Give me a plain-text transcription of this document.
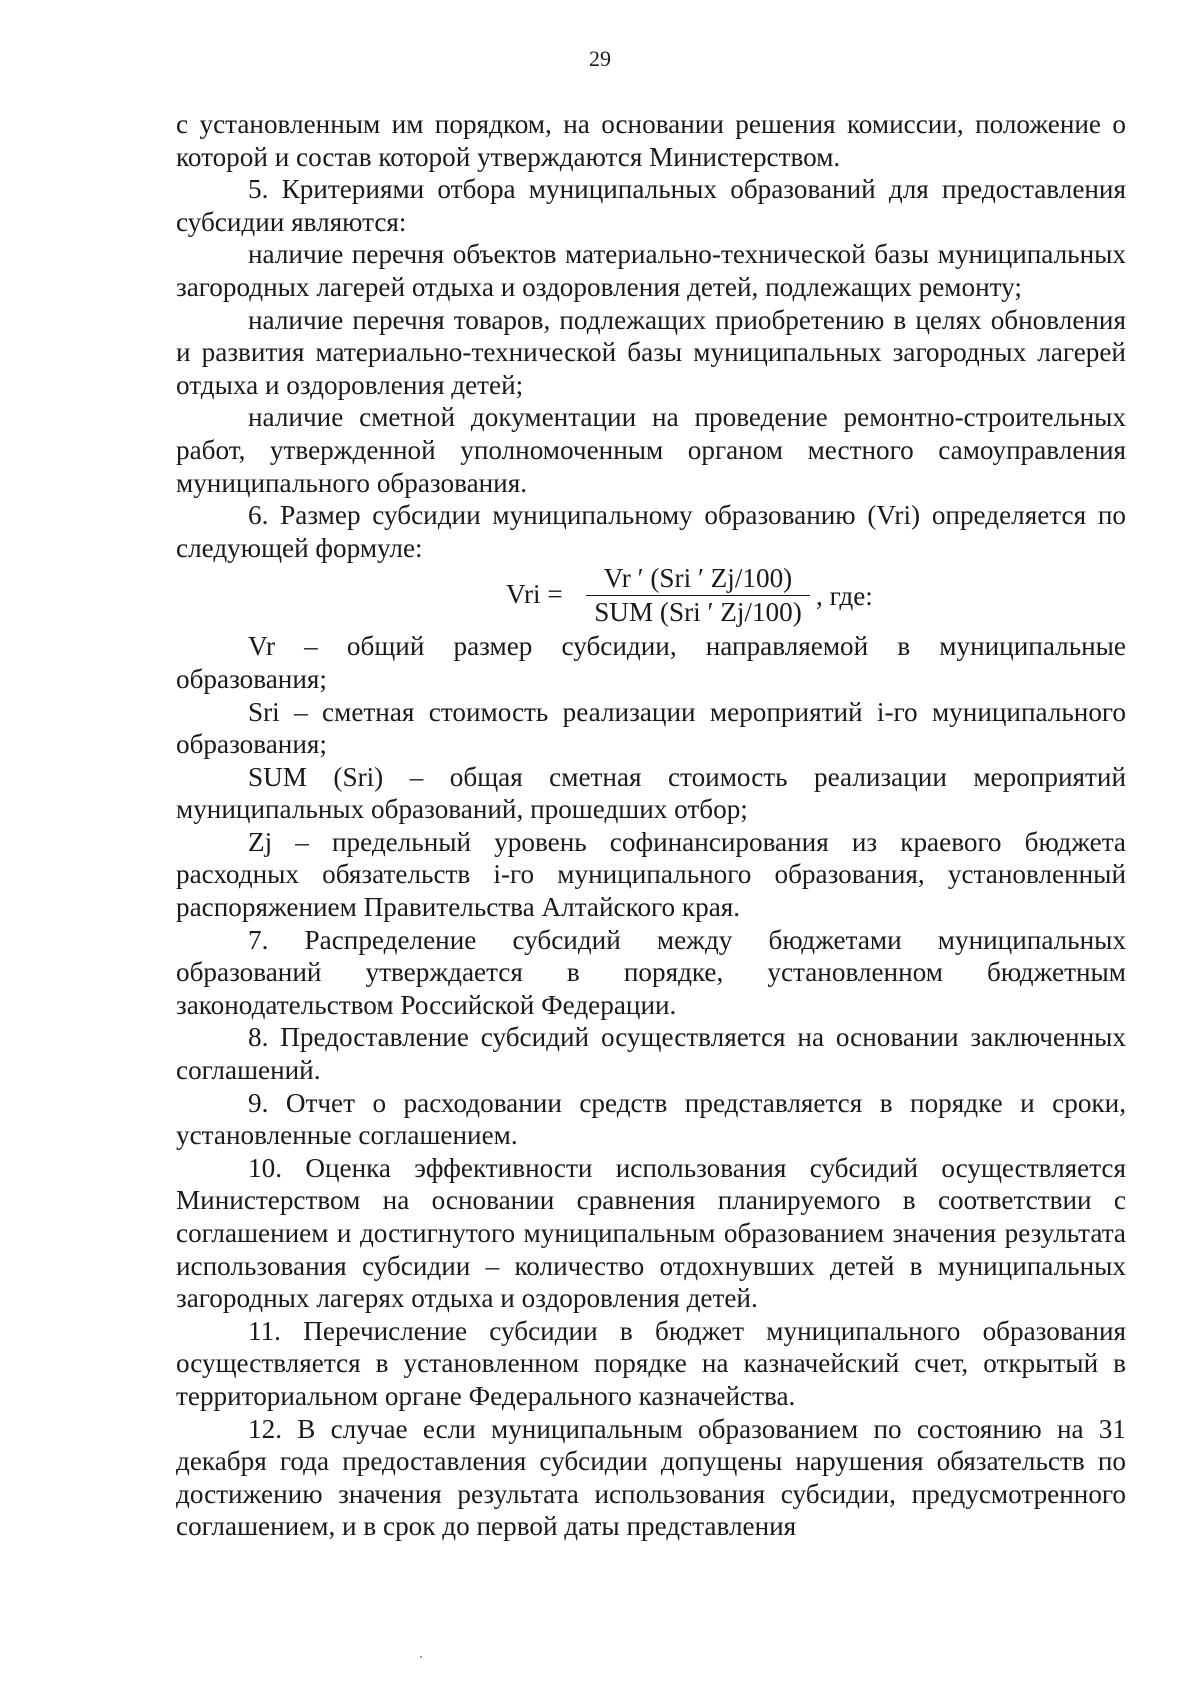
29

с установленным им порядком, на основании решения комиссии, положение о которой и состав которой утверждаются Министерством.

5. Критериями отбора муниципальных образований для предоставления субсидии являются:

наличие перечня объектов материально-технической базы муниципальных загородных лагерей отдыха и оздоровления детей, подлежащих ремонту;

наличие перечня товаров, подлежащих приобретению в целях обновления и развития материально-технической базы муниципальных загородных лагерей отдыха и оздоровления детей;

наличие сметной документации на проведение ремонтно-строительных работ, утвержденной уполномоченным органом местного самоуправления муниципального образования.

6. Размер субсидии муниципальному образованию (Vri) определяется по следующей формуле:

Vri =
Vr ′ (Sri ′ Zj/100)
SUM (Sri ′ Zj/100)
, где:

Vr – общий размер субсидии, направляемой в муниципальные образования;

Sri – сметная стоимость реализации мероприятий i-го муниципального образования;

SUM (Sri) – общая сметная стоимость реализации мероприятий муниципальных образований, прошедших отбор;

Zj – предельный уровень софинансирования из краевого бюджета расходных обязательств i-го муниципального образования, установленный распоряжением Правительства Алтайского края.

7. Распределение субсидий между бюджетами муниципальных образований утверждается в порядке, установленном бюджетным законодательством Российской Федерации.

8. Предоставление субсидий осуществляется на основании заключенных соглашений.

9. Отчет о расходовании средств представляется в порядке и сроки, установленные соглашением.

10. Оценка эффективности использования субсидий осуществляется Министерством на основании сравнения планируемого в соответствии с соглашением и достигнутого муниципальным образованием значения результата использования субсидии – количество отдохнувших детей в муниципальных загородных лагерях отдыха и оздоровления детей.

11. Перечисление субсидии в бюджет муниципального образования осуществляется в установленном порядке на казначейский счет, открытый в территориальном органе Федерального казначейства.

12. В случае если муниципальным образованием по состоянию на 31 декабря года предоставления субсидии допущены нарушения обязательств по достижению значения результата использования субсидии, предусмотренного соглашением, и в срок до первой даты представления
